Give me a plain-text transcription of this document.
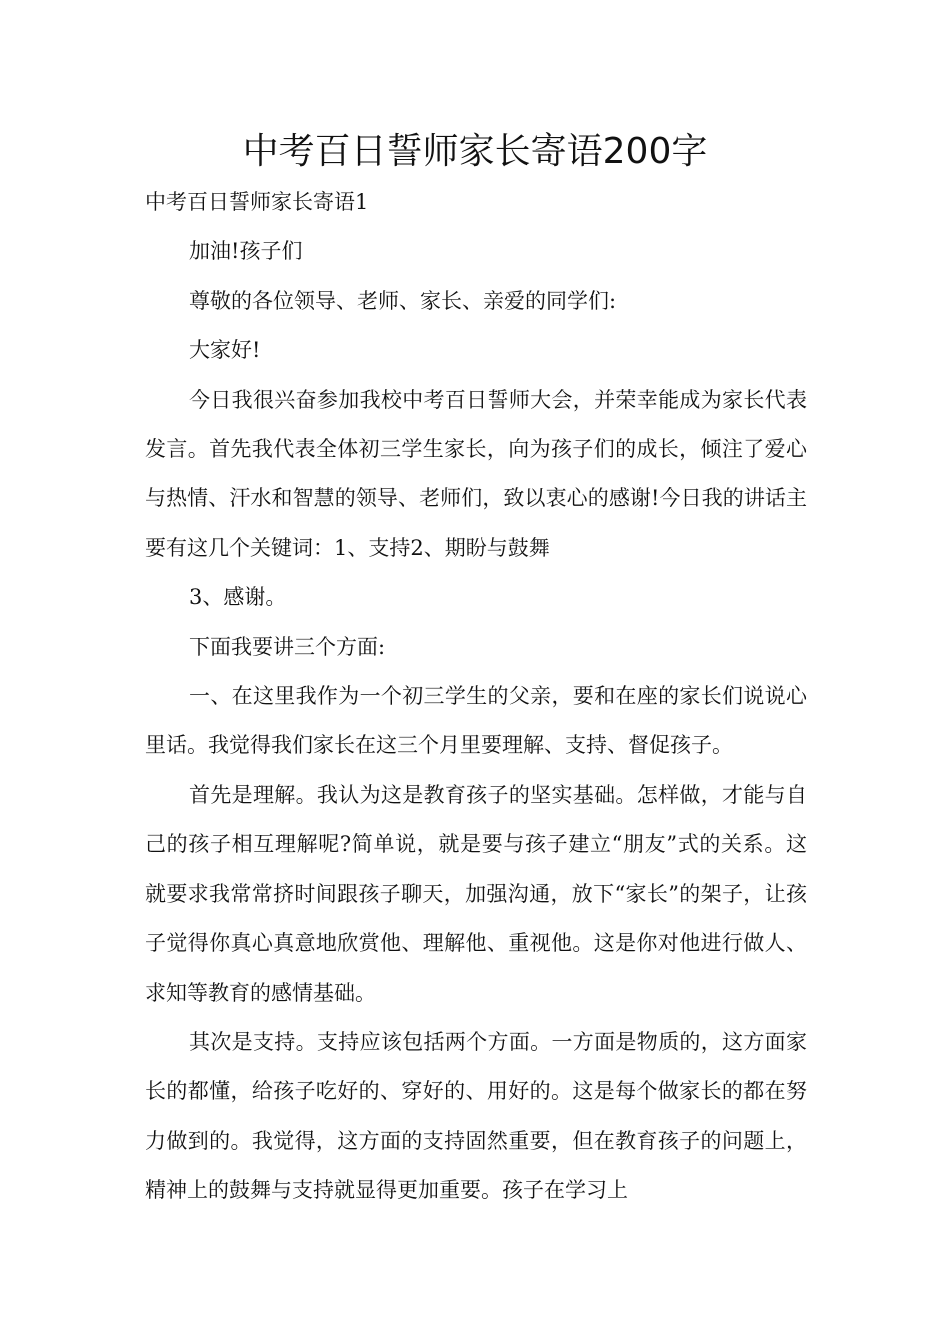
中考百日誓师家长寄语200字

中考百日誓师家长寄语1

加油!孩子们

尊敬的各位领导、老师、家长、亲爱的同学们:

大家好!

今日我很兴奋参加我校中考百日誓师大会，并荣幸能成为家长代表发言。首先我代表全体初三学生家长，向为孩子们的成长，倾注了爱心与热情、汗水和智慧的领导、老师们，致以衷心的感谢!今日我的讲话主要有这几个关键词：1、支持2、期盼与鼓舞

3、感谢。

下面我要讲三个方面:

一、在这里我作为一个初三学生的父亲，要和在座的家长们说说心里话。我觉得我们家长在这三个月里要理解、支持、督促孩子。

首先是理解。我认为这是教育孩子的坚实基础。怎样做，才能与自己的孩子相互理解呢?简单说，就是要与孩子建立“朋友”式的关系。这就要求我常常挤时间跟孩子聊天，加强沟通，放下“家长”的架子，让孩子觉得你真心真意地欣赏他、理解他、重视他。这是你对他进行做人、求知等教育的感情基础。

其次是支持。支持应该包括两个方面。一方面是物质的，这方面家长的都懂，给孩子吃好的、穿好的、用好的。这是每个做家长的都在努力做到的。我觉得，这方面的支持固然重要，但在教育孩子的问题上，精神上的鼓舞与支持就显得更加重要。孩子在学习上
